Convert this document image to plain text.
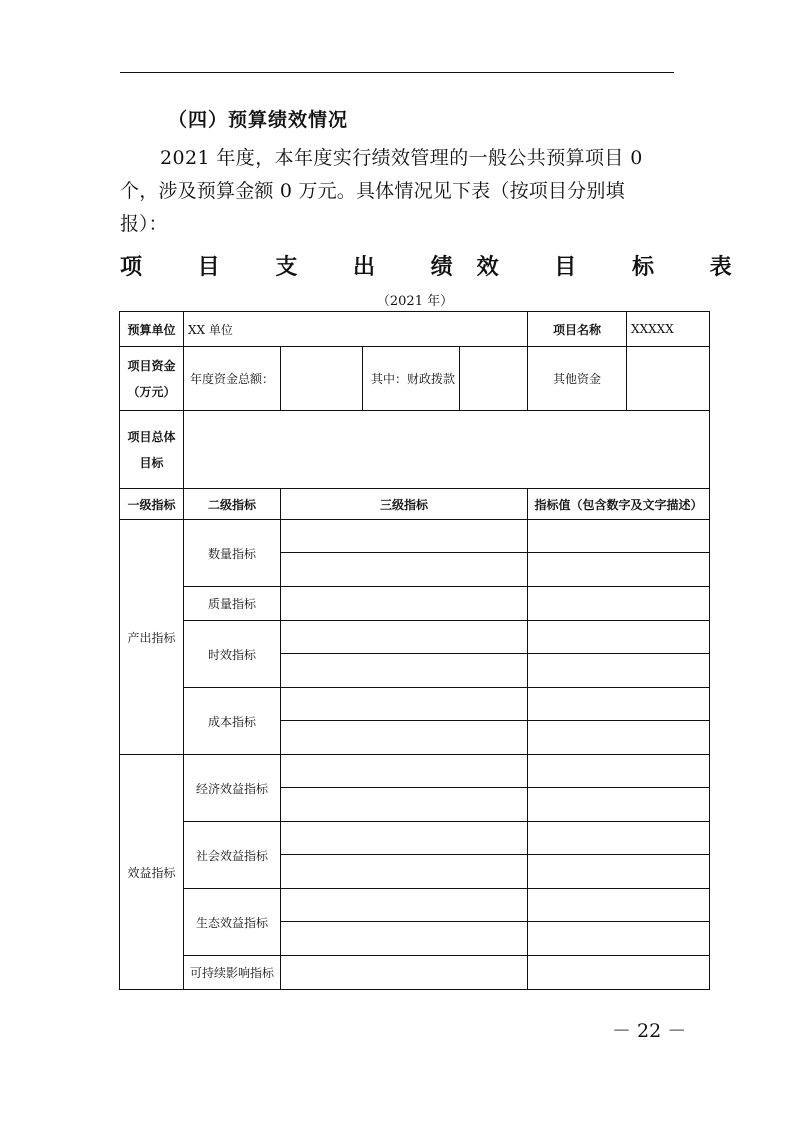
（四）预算绩效情况
2021 年度，本年度实行绩效管理的一般公共预算项目 0
个，涉及预算金额 0 万元。具体情况见下表（按项目分别填
报）：
项 目 支 出 绩效 目 标 表
（2021 年）
预算单位	XX 单位				项目名称	XXXXX
项目资金（万元）	年度资金总额：		其中：财政拨款		其他资金	
项目总体目标						
一级指标	二级指标	三级指标			指标值（包含数字及文字描述）	
产出指标	数量指标					

	质量指标					
	时效指标					

	成本指标					

效益指标	经济效益指标					

	社会效益指标					

	生态效益指标					

	可持续影响指标					
－ 22 －
